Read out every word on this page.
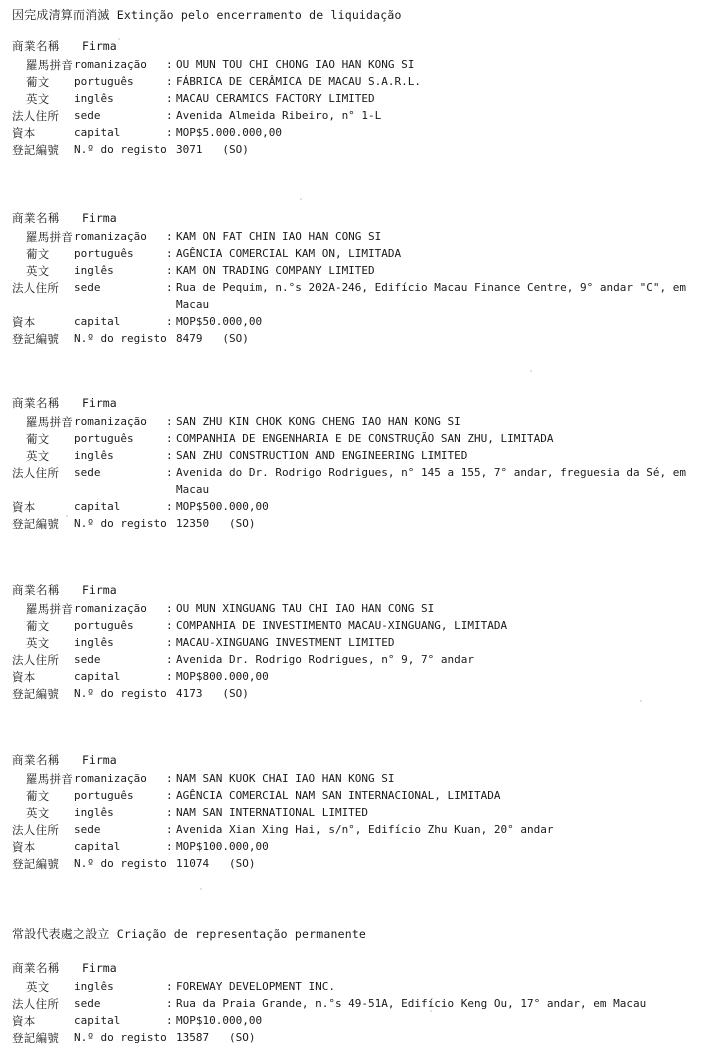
因完成清算而消滅 Extinção pelo encerramento de liquidação
商業名稱 Firma
羅馬拼音 romanização	: OU MUN TOU CHI CHONG IAO HAN KONG SI
葡文	português	: FÁBRICA DE CERÂMICA DE MACAU S.A.R.L.
英文	inglês	: MACAU CERAMICS FACTORY LIMITED
法人住所	sede	: Avenida Almeida Ribeiro, n° 1-L
資本	capital	: MOP$5.000.000,00
登記編號	N.º do registo 3071   (SO)
商業名稱 Firma
羅馬拼音 romanização	: KAM ON FAT CHIN IAO HAN CONG SI
葡文	português	: AGÊNCIA COMERCIAL KAM ON, LIMITADA
英文	inglês	: KAM ON TRADING COMPANY LIMITED
法人住所	sede	: Rua de Pequim, n.°s 202A-246, Edifício Macau Finance Centre, 9° andar "C", em
Macau
資本	capital	: MOP$50.000,00
登記編號	N.º do registo 8479   (SO)
商業名稱 Firma
羅馬拼音 romanização	: SAN ZHU KIN CHOK KONG CHENG IAO HAN KONG SI
葡文	português	: COMPANHIA DE ENGENHARIA E DE CONSTRUÇÃO SAN ZHU, LIMITADA
英文	inglês	: SAN ZHU CONSTRUCTION AND ENGINEERING LIMITED
法人住所	sede	: Avenida do Dr. Rodrigo Rodrigues, n° 145 a 155, 7° andar, freguesia da Sé, em
Macau
資本	capital	: MOP$500.000,00
登記編號	N.º do registo 12350   (SO)
商業名稱 Firma
羅馬拼音 romanização	: OU MUN XINGUANG TAU CHI IAO HAN CONG SI
葡文	português	: COMPANHIA DE INVESTIMENTO MACAU-XINGUANG, LIMITADA
英文	inglês	: MACAU-XINGUANG INVESTMENT LIMITED
法人住所	sede	: Avenida Dr. Rodrigo Rodrigues, n° 9, 7° andar
資本	capital	: MOP$800.000,00
登記編號	N.º do registo 4173   (SO)
商業名稱 Firma
羅馬拼音 romanização	: NAM SAN KUOK CHAI IAO HAN KONG SI
葡文	português	: AGÊNCIA COMERCIAL NAM SAN INTERNACIONAL, LIMITADA
英文	inglês	: NAM SAN INTERNATIONAL LIMITED
法人住所	sede	: Avenida Xian Xing Hai, s/n°, Edifício Zhu Kuan, 20° andar
資本	capital	: MOP$100.000,00
登記編號	N.º do registo 11074   (SO)
常設代表處之設立 Criação de representação permanente
商業名稱 Firma
英文	inglês	: FOREWAY DEVELOPMENT INC.
法人住所	sede	: Rua da Praia Grande, n.°s 49-51A, Edifício Keng Ou, 17° andar, em Macau
資本	capital	: MOP$10.000,00
登記編號	N.º do registo 13587   (SO)
